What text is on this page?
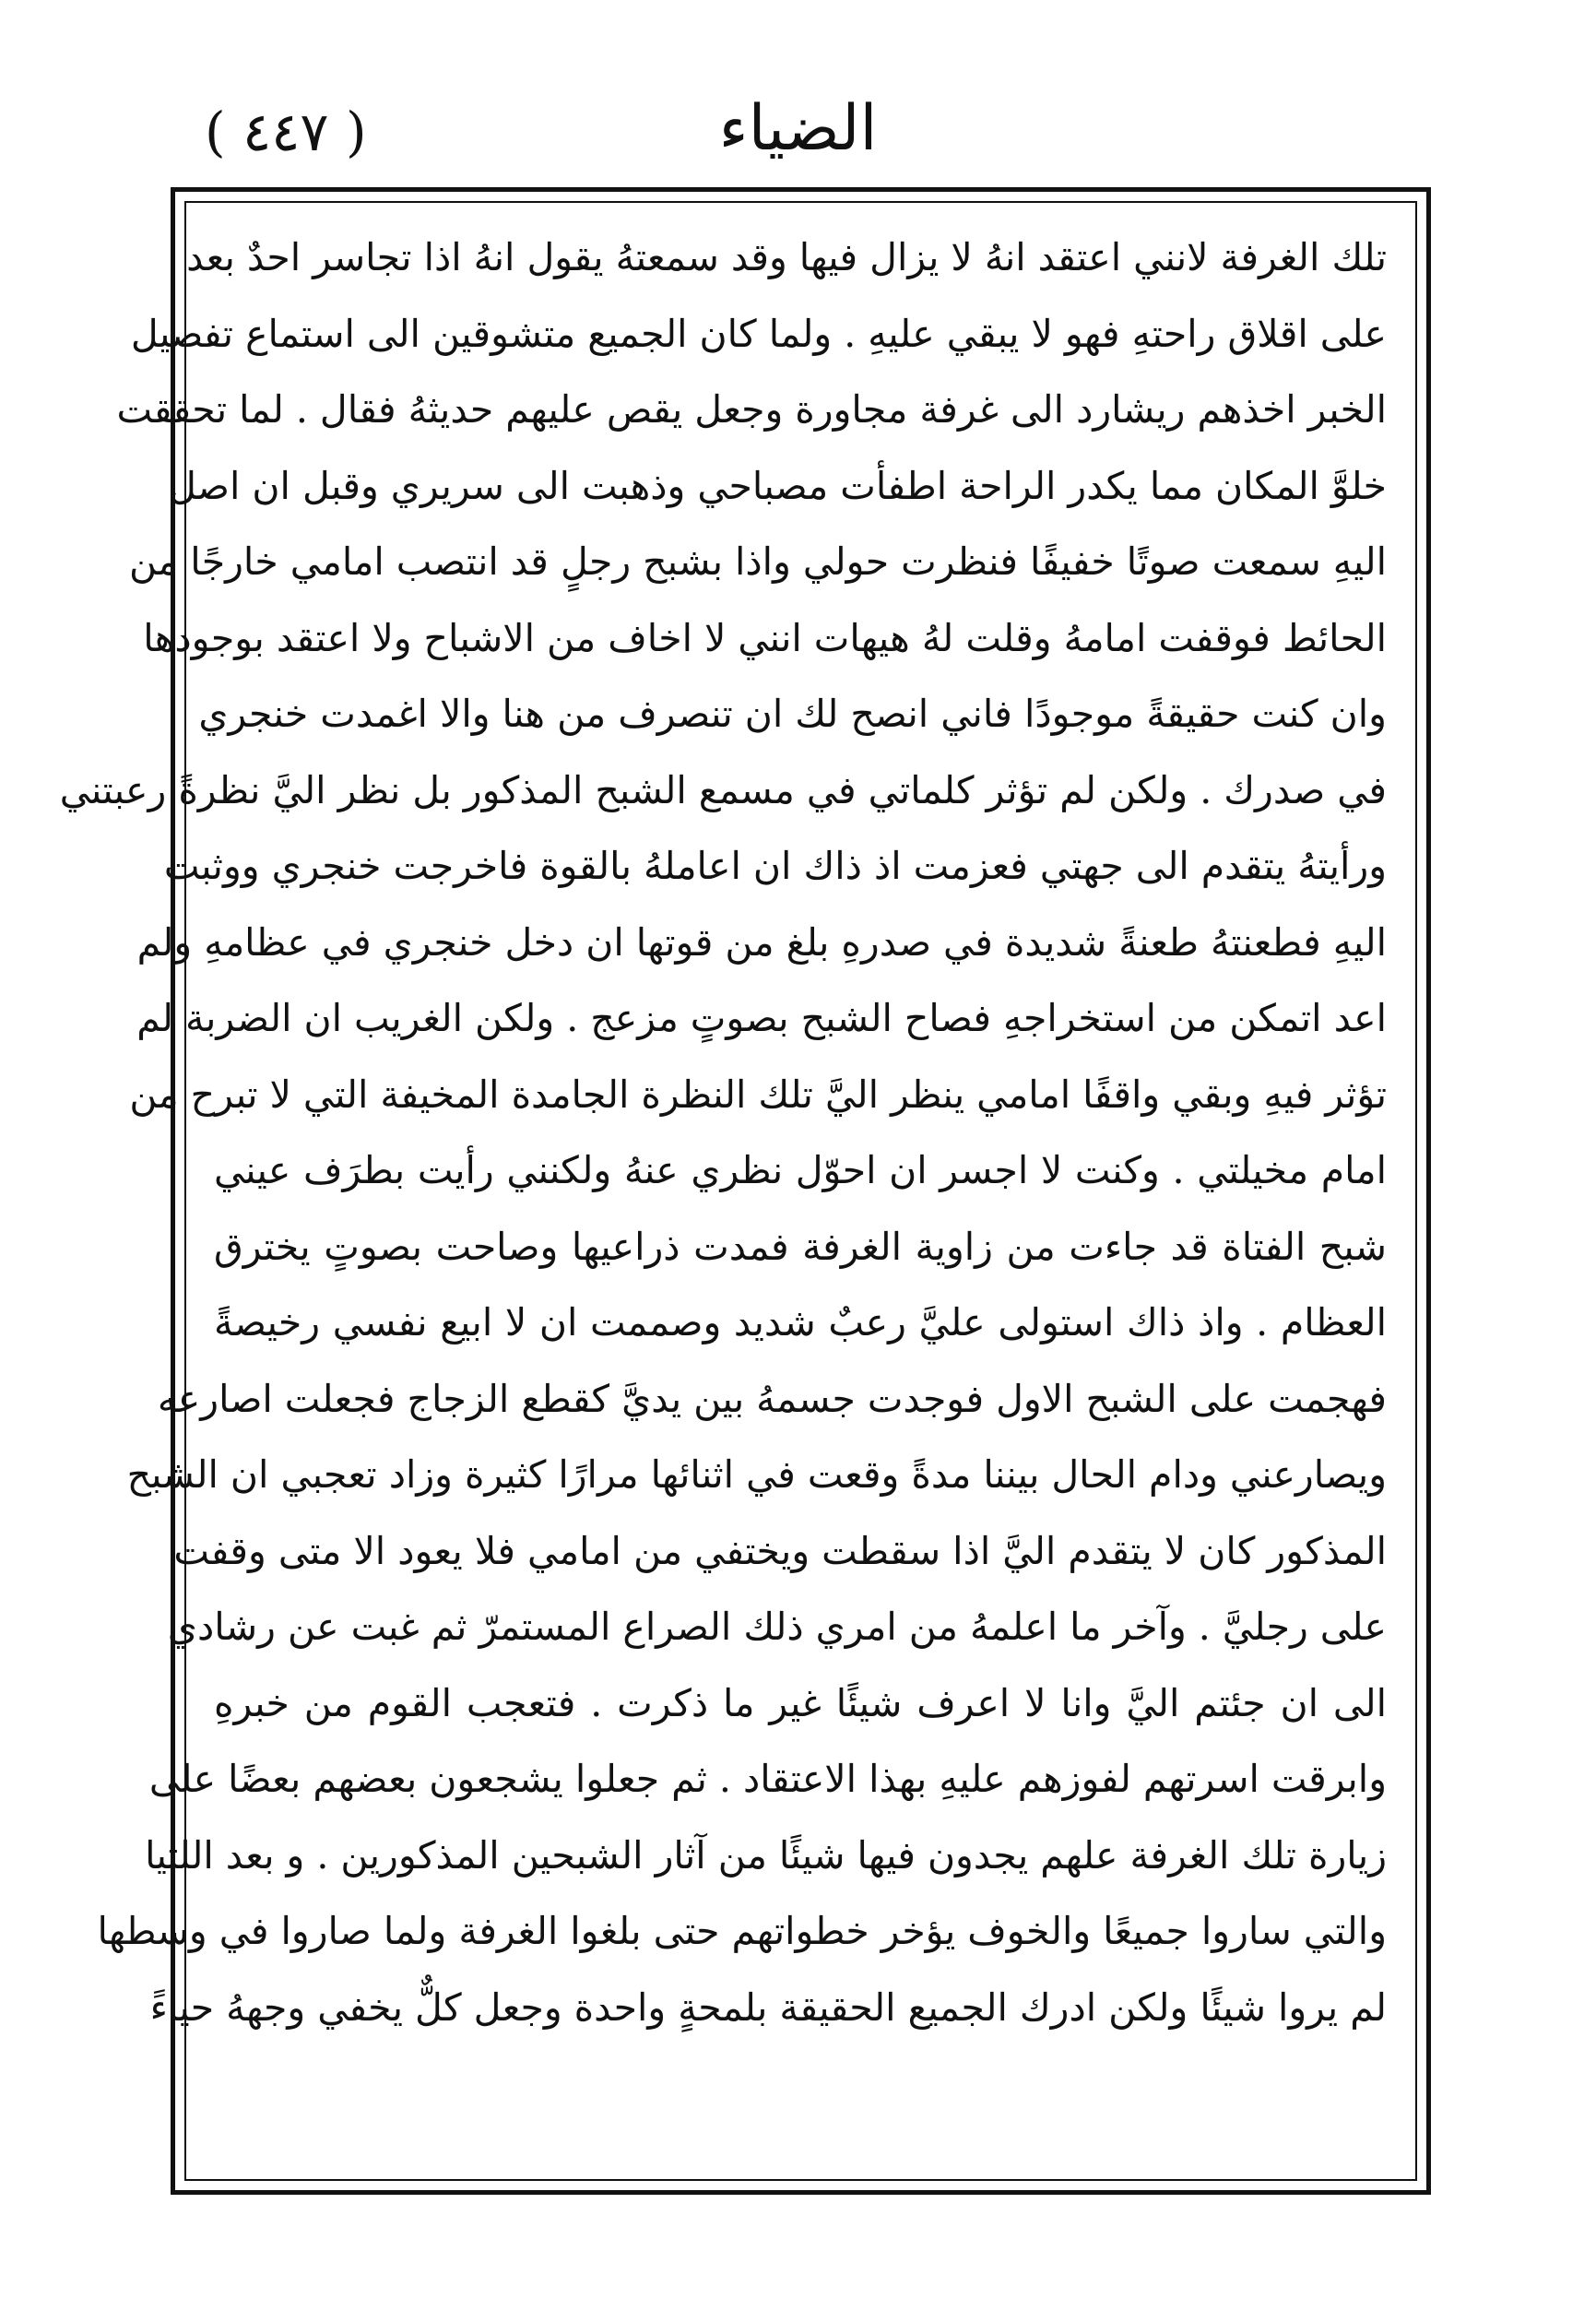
الضياء
( ٤٤٧ )
تلك الغرفة لانني اعتقد انهُ لا يزال فيها وقد سمعتهُ يقول انهُ اذا تجاسر احدٌ بعد
على اقلاق راحتهِ فهو لا يبقي عليهِ . ولما كان الجميع متشوقين الى استماع تفصيل
الخبر اخذهم ريشارد الى غرفة مجاورة وجعل يقص عليهم حديثهُ فقال . لما تحققت
خلوَّ المكان مما يكدر الراحة اطفأت مصباحي وذهبت الى سريري وقبل ان اصل
اليهِ سمعت صوتًا خفيفًا فنظرت حولي واذا بشبح رجلٍ قد انتصب امامي خارجًا من
الحائط فوقفت امامهُ وقلت لهُ هيهات انني لا اخاف من الاشباح ولا اعتقد بوجودها
وان كنت حقيقةً موجودًا فاني انصح لك ان تنصرف من هنا والا اغمدت خنجري
في صدرك . ولكن لم تؤثر كلماتي في مسمع الشبح المذكور بل نظر اليَّ نظرةً رعبتني
ورأيتهُ يتقدم الى جهتي فعزمت اذ ذاك ان اعاملهُ بالقوة فاخرجت خنجري ووثبت
اليهِ فطعنتهُ طعنةً شديدة في صدرهِ بلغ من قوتها ان دخل خنجري في عظامهِ ولم
اعد اتمكن من استخراجهِ فصاح الشبح بصوتٍ مزعج . ولكن الغريب ان الضربة لم
تؤثر فيهِ وبقي واقفًا امامي ينظر اليَّ تلك النظرة الجامدة المخيفة التي لا تبرح من
امام مخيلتي . وكنت لا اجسر ان احوّل نظري عنهُ ولكنني رأيت بطرَف عيني
شبح الفتاة قد جاءت من زاوية الغرفة فمدت ذراعيها وصاحت بصوتٍ يخترق
العظام . واذ ذاك استولى عليَّ رعبٌ شديد وصممت ان لا ابيع نفسي رخيصةً
فهجمت على الشبح الاول فوجدت جسمهُ بين يديَّ كقطع الزجاج فجعلت اصارعه
ويصارعني ودام الحال بيننا مدةً وقعت في اثنائها مرارًا كثيرة وزاد تعجبي ان الشبح
المذكور كان لا يتقدم اليَّ اذا سقطت ويختفي من امامي فلا يعود الا متى وقفت
على رجليَّ . وآخر ما اعلمهُ من امري ذلك الصراع المستمرّ ثم غبت عن رشادي
الى ان جئتم اليَّ وانا لا اعرف شيئًا غير ما ذكرت . فتعجب القوم من خبرهِ
وابرقت اسرتهم لفوزهم عليهِ بهذا الاعتقاد . ثم جعلوا يشجعون بعضهم بعضًا على
زيارة تلك الغرفة علهم يجدون فيها شيئًا من آثار الشبحين المذكورين . و بعد اللتيا
والتي ساروا جميعًا والخوف يؤخر خطواتهم حتى بلغوا الغرفة ولما صاروا في وسطها
لم يروا شيئًا ولكن ادرك الجميع الحقيقة بلمحةٍ واحدة وجعل كلٌّ يخفي وجههُ حياءً
